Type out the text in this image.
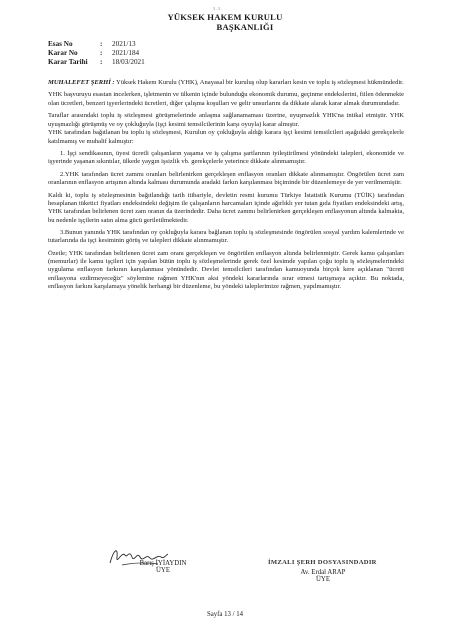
1.1.
YÜKSEK HAKEM KURULU
BAŞKANLIĞI
Esas No	: 2021/13
Karar No	: 2021/184
Karar Tarihi : 18/03/2021

MUHALEFET ŞERHİ : Yüksek Hakem Kurulu (YHK), Anayasal bir kuruluş olup kararları kesin ve toplu iş sözleşmesi hükmündedir.

YHK başvuruyu esastan incelerken, işletmenin ve ülkenin içinde bulunduğu ekonomik durumu, geçinme endekslerini, fiilen ödenmekte olan ücretleri, benzeri işyerlerindeki ücretleri, diğer çalışma koşulları ve gelir unsurlarını da dikkate alarak karar almak durumundadır.

Taraflar arasındaki toplu iş sözleşmesi görüşmelerinde anlaşma sağlanamaması üzerine, uyuşmazlık YHK'na intikal etmiştir. YHK uyuşmazlığı görüşmüş ve oy çokluğuyla (işçi kesimi temsilcilerinin karşı oyuyla) karar almıştır.

YHK tarafından bağıtlanan bu toplu iş sözleşmesi, Kurulun oy çokluğuyla aldığı karara işçi kesimi temsilcileri aşağıdaki gerekçelerle katılmamış ve muhalif kalmıştır:

1. İşçi sendikasının, üyesi ücretli çalışanların yaşama ve iş çalışma şartlarının iyileştirilmesi yönündeki talepleri, ekonomide ve işyerinde yaşanan sıkıntılar, ülkede yaygın işsizlik vb. gerekçelerle yeterince dikkate alınmamıştır.

2.YHK tarafından ücret zammı oranları belirlenirken gerçekleşen enflasyon oranları dikkate alınmamıştır. Öngörülen ücret zam oranlarının enflasyon artışının altında kalması durumunda aradaki farkın karşılanması biçiminde bir düzenlemeye de yer verilmemiştir.

Kaldı ki, toplu iş sözleşmesinin bağıtlandığı tarih itibariyle, devletin resmi kurumu Türkiye İstatistik Kurumu (TÜİK) tarafından hesaplanan tüketici fiyatları endeksindeki değişim ile çalışanların harcamaları içinde ağırlıklı yer tutan gıda fiyatları endeksindeki artış, YHK tarafından belirlenen ücret zam oranın da üzerindedir. Daha ücret zammı belirlenirken gerçekleşen enflasyonun altında kalmakta, bu nedenle işçilerin satın alma gücü geriletilmektedir.

3.Bunun yanında YHK tarafından oy çokluğuyla karara bağlanan toplu iş sözleşmesinde öngörülen sosyal yardım kalemlerinde ve tutarlarında da işçi kesiminin görüş ve talepleri dikkate alınmamıştır.

Özetle; YHK tarafından belirlenen ücret zam oranı gerçekleşen ve öngörülen enflasyon altında belirlenmiştir. Gerek kamu çalışanları (memurlar) ile kamu işçileri için yapılan bütün toplu iş sözleşmelerinde gerek özel kesimde yapılan çoğu toplu iş sözleşmelerindeki uygulama enflasyon farkının karşılanması yönündedir. Devlet temsilcileri tarafından kamuoyunda birçok kere açıklanan "ücreti enflasyona ezdirmeyeceğiz" söylemine rağmen YHK'nın aksi yöndeki kararlarında ısrar etmesi tartışmaya açıktır. Bu noktada, enflasyon farkını karşılamaya yönelik herhangi bir düzenleme, bu yöndeki taleplerimize rağmen, yapılmamıştır.

Barış İYİAYDIN
ÜYE
İMZALI ŞERH DOSYASINDADIR
Av. Erdal ARAP
ÜYE
Sayfa 13 / 14
